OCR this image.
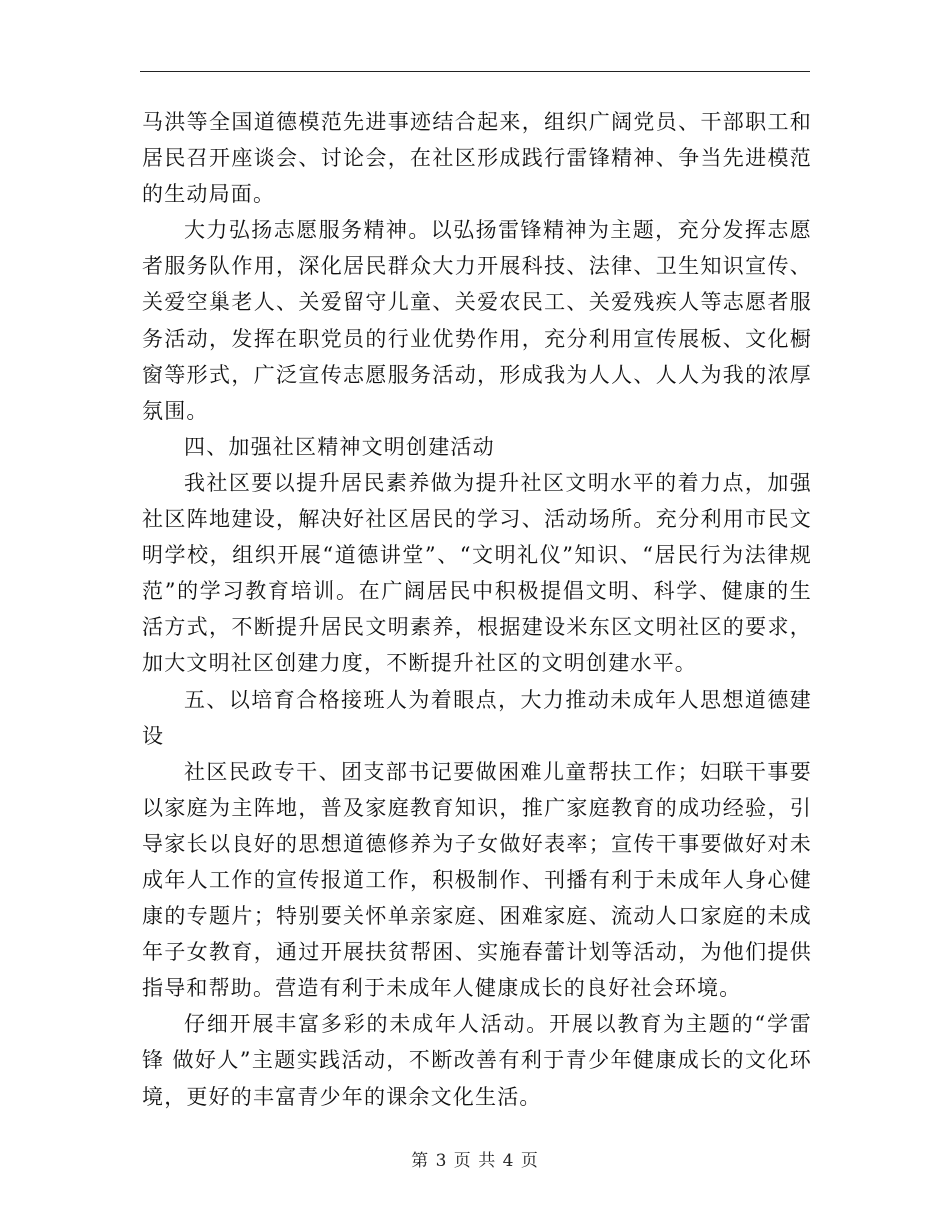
马洪等全国道德模范先进事迹结合起来，组织广阔党员、干部职工和居民召开座谈会、讨论会，在社区形成践行雷锋精神、争当先进模范的生动局面。

大力弘扬志愿服务精神。以弘扬雷锋精神为主题，充分发挥志愿者服务队作用，深化居民群众大力开展科技、法律、卫生知识宣传、关爱空巢老人、关爱留守儿童、关爱农民工、关爱残疾人等志愿者服务活动，发挥在职党员的行业优势作用，充分利用宣传展板、文化橱窗等形式，广泛宣传志愿服务活动，形成我为人人、人人为我的浓厚氛围。

四、加强社区精神文明创建活动

我社区要以提升居民素养做为提升社区文明水平的着力点，加强社区阵地建设，解决好社区居民的学习、活动场所。充分利用市民文明学校，组织开展“道德讲堂”、“文明礼仪”知识、“居民行为法律规范”的学习教育培训。在广阔居民中积极提倡文明、科学、健康的生活方式，不断提升居民文明素养，根据建设米东区文明社区的要求，加大文明社区创建力度，不断提升社区的文明创建水平。

五、以培育合格接班人为着眼点，大力推动未成年人思想道德建设

社区民政专干、团支部书记要做困难儿童帮扶工作；妇联干事要以家庭为主阵地，普及家庭教育知识，推广家庭教育的成功经验，引导家长以良好的思想道德修养为子女做好表率；宣传干事要做好对未成年人工作的宣传报道工作，积极制作、刊播有利于未成年人身心健康的专题片；特别要关怀单亲家庭、困难家庭、流动人口家庭的未成年子女教育，通过开展扶贫帮困、实施春蕾计划等活动，为他们提供指导和帮助。营造有利于未成年人健康成长的良好社会环境。

仔细开展丰富多彩的未成年人活动。开展以教育为主题的“学雷锋 做好人”主题实践活动，不断改善有利于青少年健康成长的文化环境，更好的丰富青少年的课余文化生活。

第 3 页 共 4 页
